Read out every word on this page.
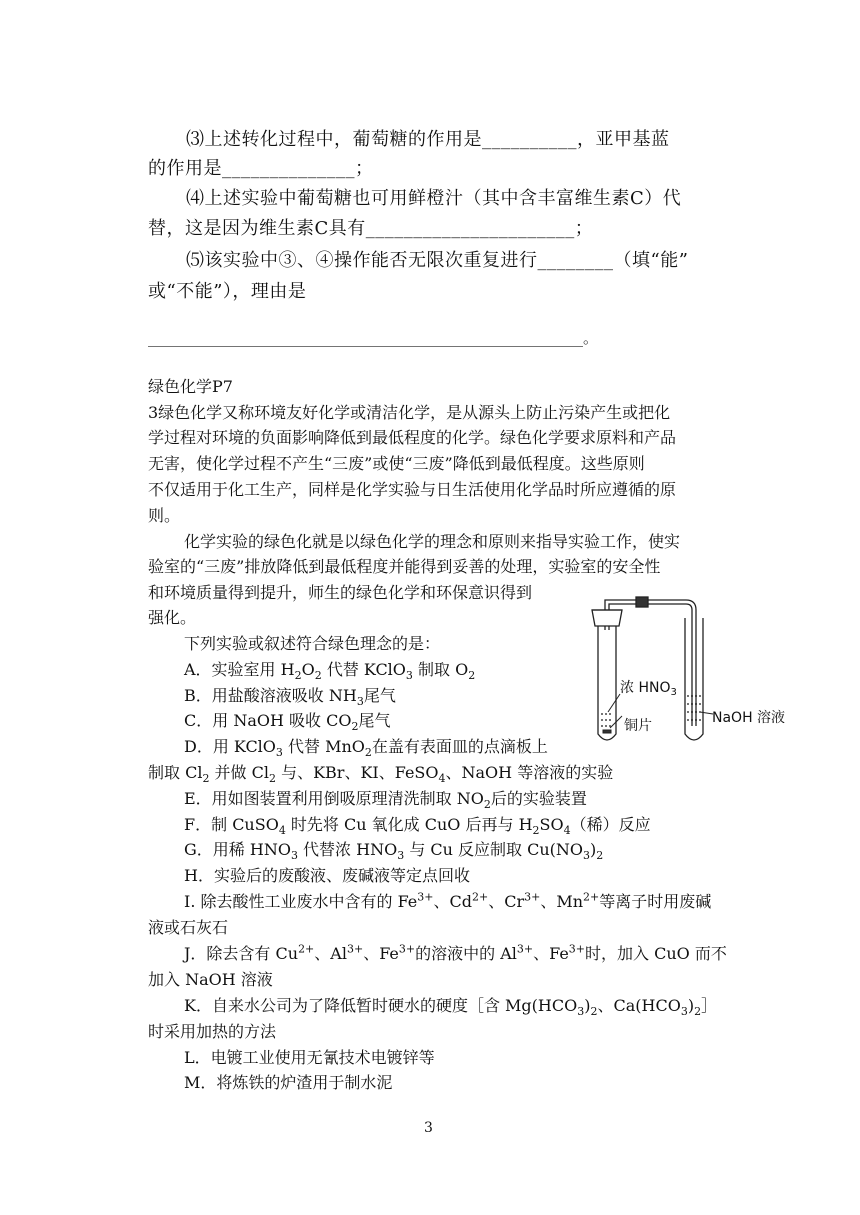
⑶上述转化过程中，葡萄糖的作用是__________，亚甲基蓝
的作用是______________；
⑷上述实验中葡萄糖也可用鲜橙汁（其中含丰富维生素C）代
替，这是因为维生素C具有______________________；
⑸该实验中③、④操作能否无限次重复进行________（填“能”
或“不能”），理由是
__________________________________________________________。
绿色化学P7
3绿色化学又称环境友好化学或清洁化学，是从源头上防止污染产生或把化
学过程对环境的负面影响降低到最低程度的化学。绿色化学要求原料和产品
无害，使化学过程不产生“三废”或使“三废”降低到最低程度。这些原则
不仅适用于化工生产，同样是化学实验与日生活使用化学品时所应遵循的原
则。
化学实验的绿色化就是以绿色化学的理念和原则来指导实验工作，使实
验室的“三废”排放降低到最低程度并能得到妥善的处理，实验室的安全性
和环境质量得到提升，师生的绿色化学和环保意识得到
强化。
下列实验或叙述符合绿色理念的是：
A．实验室用 $H_2O_2$ 代替 KClO$_3$ 制取 $O_2$
B．用盐酸溶液吸收 $NH_3$尾气
C．用 NaOH 吸收 $CO_2$尾气
D．用 KClO$_3$ 代替 MnO$_2$在盖有表面皿的点滴板上
制取 $Cl_2$ 并做 $Cl_2$ 与、KBr、KI、FeSO$_4$、NaOH 等溶液的实验
E．用如图装置利用倒吸原理清洗制取 $NO_2$后的实验装置
F．制 CuSO$_4$ 时先将 Cu 氧化成 CuO 后再与 $H_2SO_4$（稀）反应
G．用稀 $HNO_3$ 代替浓 $HNO_3$ 与 Cu 反应制取 $Cu(NO_3)_2$
H．实验后的废酸液、废碱液等定点回收
I. 除去酸性工业废水中含有的 $Fe^{3+}$、$Cd^{2+}$、$Cr^{3+}$、$Mn^{2+}$等离子时用废碱
液或石灰石
J．除去含有 $Cu^{2+}$、$Al^{3+}$、$Fe^{3+}$的溶液中的 $Al^{3+}$、$Fe^{3+}$时，加入 CuO 而不
加入 NaOH 溶液
K．自来水公司为了降低暂时硬水的硬度［含 $Mg(HCO_3)_2$、$Ca(HCO_3)_2]$
时采用加热的方法
L．电镀工业使用无氰技术电镀锌等
M．将炼铁的炉渣用于制水泥
浓 $HNO_3$
铜片	NaOH 溶液
3
